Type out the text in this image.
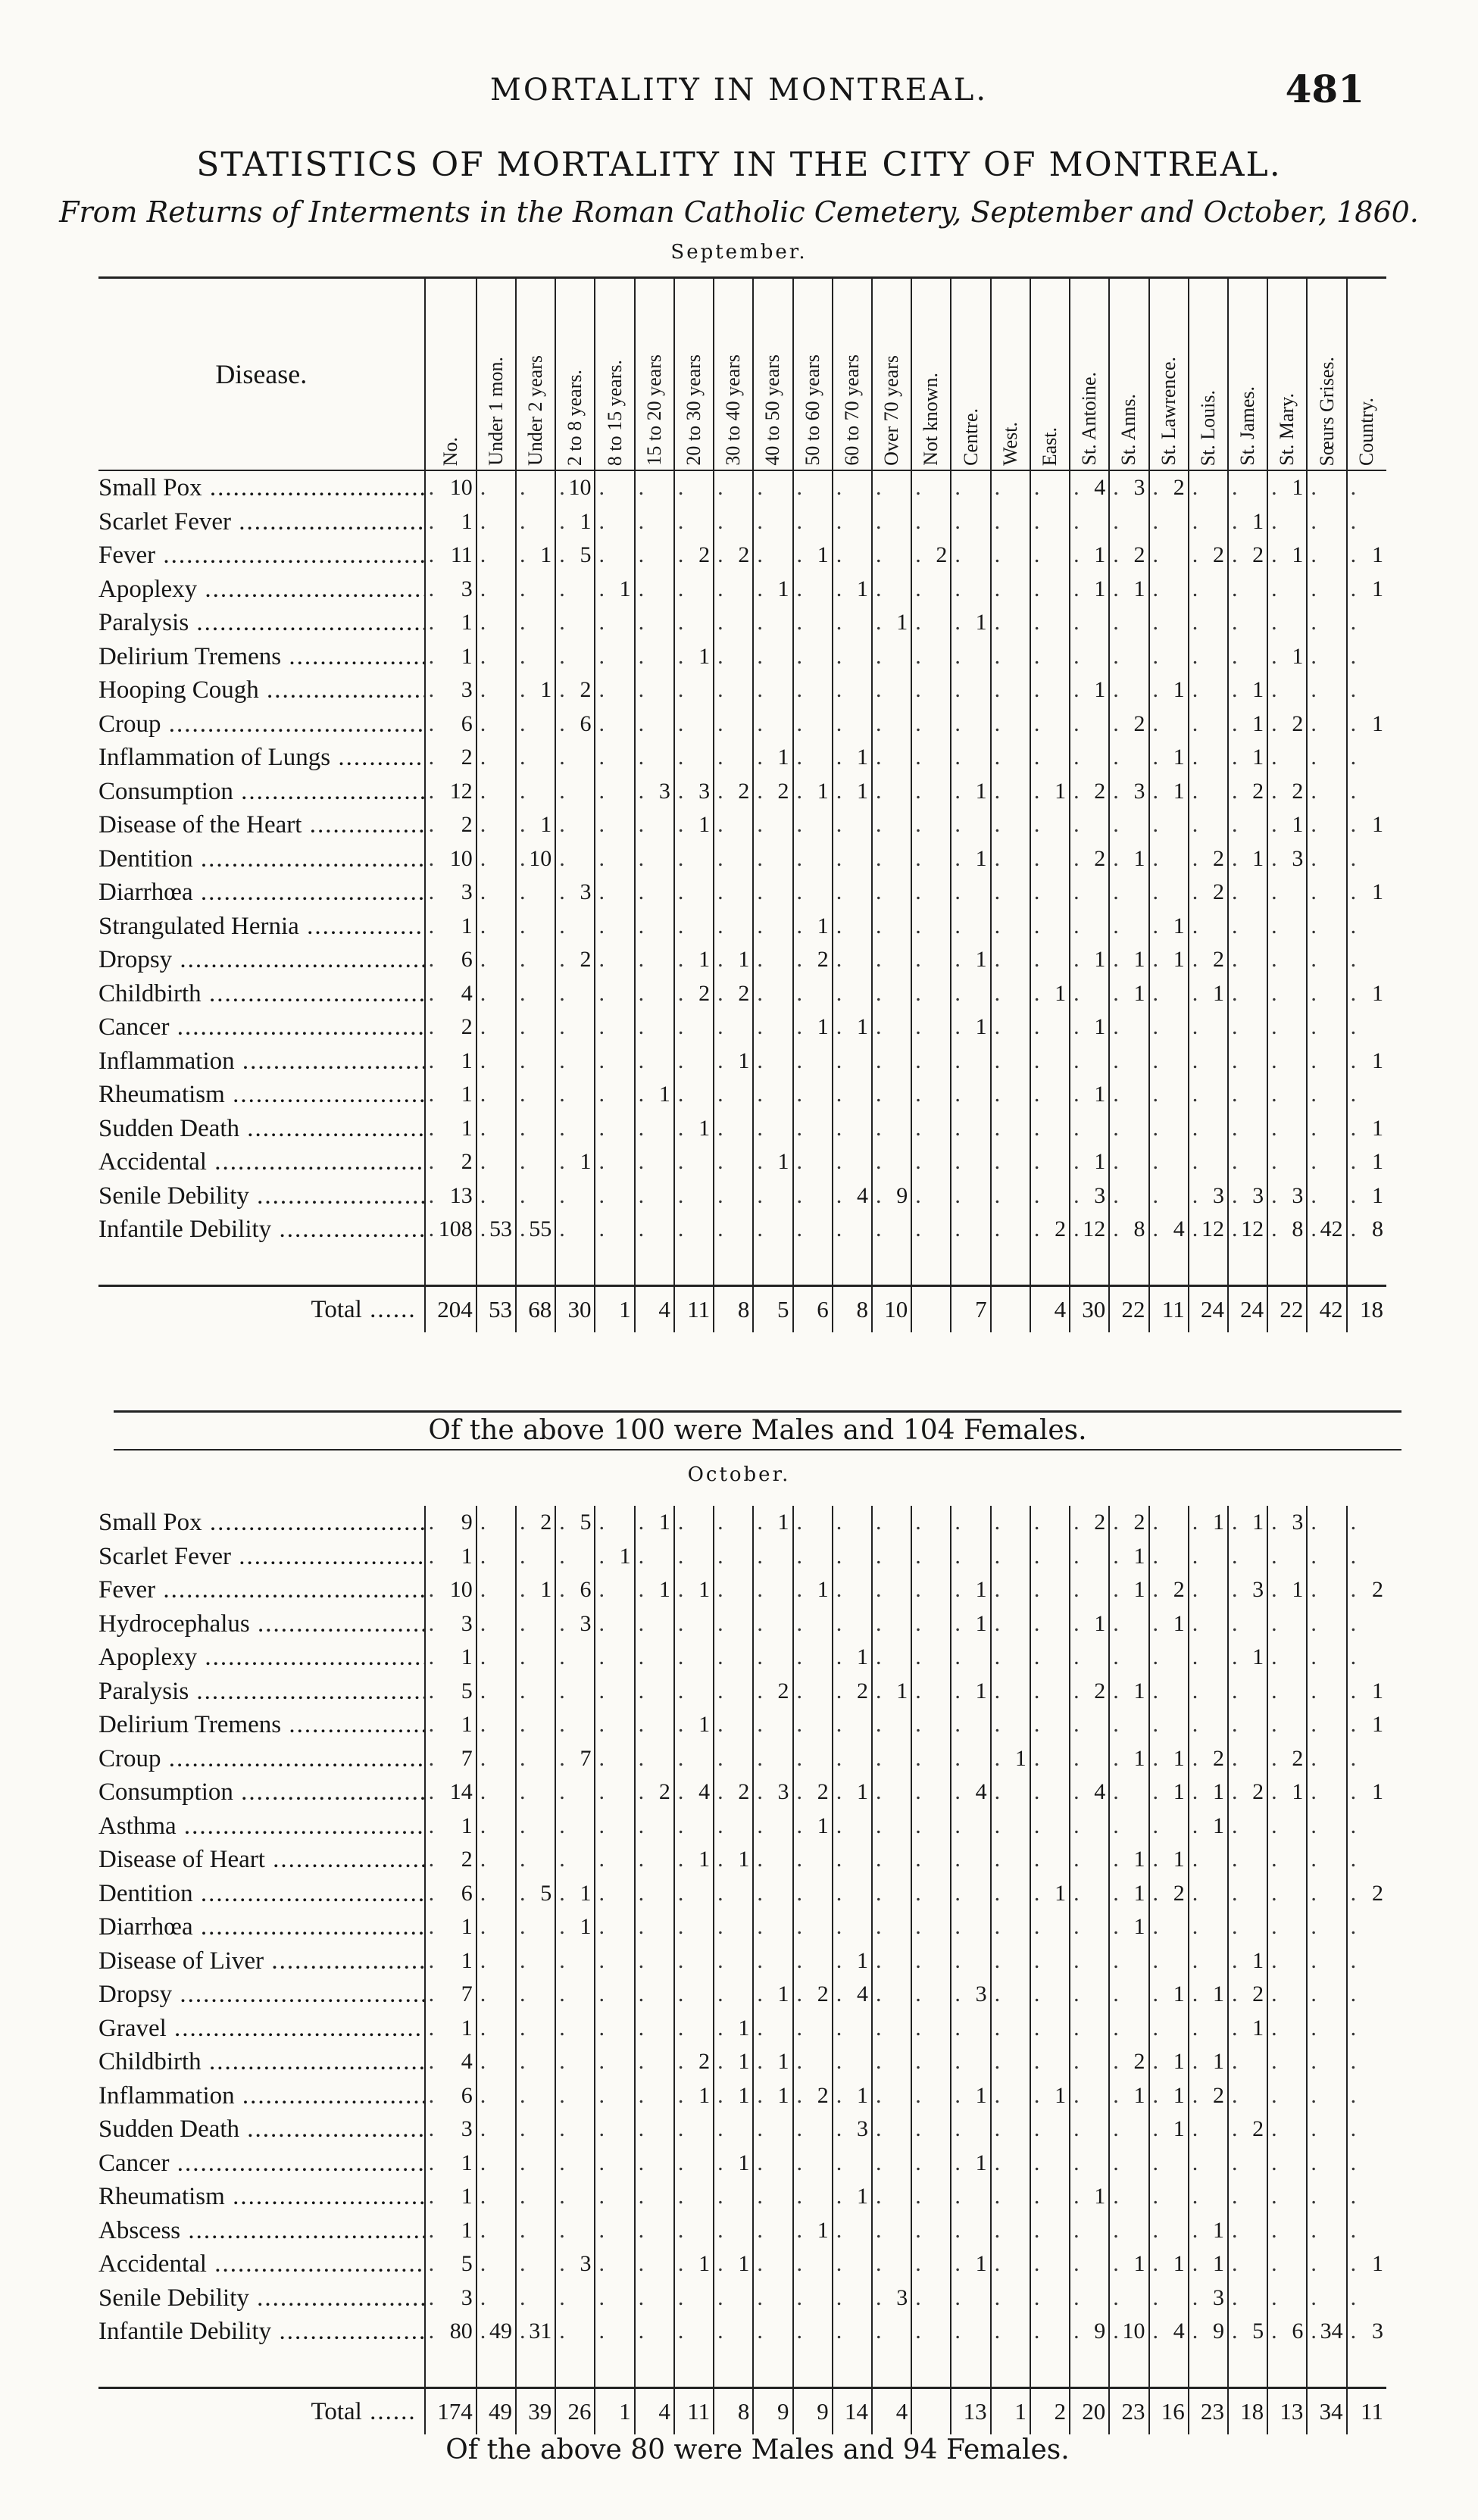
MORTALITY IN MONTREAL.	481
STATISTICS OF MORTALITY IN THE CITY OF MONTREAL.
From Returns of Interments in the Roman Catholic Cemetery, September and October, 1860.
September.
Disease.	No.	Under 1 mon.	Under 2 years	2 to 8 years.	8 to 15 years.	15 to 20 years	20 to 30 years	30 to 40 years	40 to 50 years	50 to 60 years	60 to 70 years	Over 70 years	Not known.	Centre.	West.	East.	St. Antoine.	St. Anns.	St. Lawrence.	St. Louis.	St. James.	St. Mary.	Sœurs Grises.	Country.
Small Pox .....	.10	.	.	.10	.	.	.	.	.	.	.	.	.	.	.	.	.4	.3	.2	.	.	.1	.	.
Scarlet Fever .....	.1	.	.	.1	.	.	.	.	.	.	.	.	.	.	.	.	.	.	.	.	.1	.	.	.
Fever .....	.11	.	.1	.5	.	.	.2	.2	.	.1	.	.	.2	.	.	.	.1	.2	.	.2	.2	.1	.	.1
Apoplexy .....	.3	.	.	.	.1	.	.	.	.1	.	.1	.	.	.	.	.	.1	.1	.	.	.	.	.	.1
Paralysis .....	.1	.	.	.	.	.	.	.	.	.	.	.1	.	.1	.	.	.	.	.	.	.	.	.	.
Delirium Tremens .....	.1	.	.	.	.	.	.1	.	.	.	.	.	.	.	.	.	.	.	.	.	.	.1	.	.
Hooping Cough .....	.3	.	.1	.2	.	.	.	.	.	.	.	.	.	.	.	.	.1	.	.1	.	.1	.	.	.
Croup .....	.6	.	.	.6	.	.	.	.	.	.	.	.	.	.	.	.	.	.2	.	.	.1	.2	.	.1
Inflammation of Lungs .....	.2	.	.	.	.	.	.	.	.1	.	.1	.	.	.	.	.	.	.	.1	.	.1	.	.	.
Consumption .....	.12	.	.	.	.	.3	.3	.2	.2	.1	.1	.	.	.1	.	.1	.2	.3	.1	.	.2	.2	.	.
Disease of the Heart .....	.2	.	.1	.	.	.	.1	.	.	.	.	.	.	.	.	.	.	.	.	.	.	.1	.	.1
Dentition .....	.10	.	.10	.	.	.	.	.	.	.	.	.	.	.1	.	.	.2	.1	.	.2	.1	.3	.	.
Diarrhœa .....	.3	.	.	.3	.	.	.	.	.	.	.	.	.	.	.	.	.	.	.	.2	.	.	.	.1
Strangulated Hernia .....	.1	.	.	.	.	.	.	.	.	.1	.	.	.	.	.	.	.	.	.1	.	.	.	.	.
Dropsy .....	.6	.	.	.2	.	.	.1	.1	.	.2	.	.	.	.1	.	.	.1	.1	.1	.2	.	.	.	.
Childbirth .....	.4	.	.	.	.	.	.2	.2	.	.	.	.	.	.	.	.1	.	.1	.	.1	.	.	.	.1
Cancer .....	.2	.	.	.	.	.	.	.	.	.1	.1	.	.	.1	.	.	.1	.	.	.	.	.	.	.
Inflammation .....	.1	.	.	.	.	.	.	.1	.	.	.	.	.	.	.	.	.	.	.	.	.	.	.	.1
Rheumatism .....	.1	.	.	.	.	.1	.	.	.	.	.	.	.	.	.	.	.1	.	.	.	.	.	.	.
Sudden Death .....	.1	.	.	.	.	.	.1	.	.	.	.	.	.	.	.	.	.	.	.	.	.	.	.	.1
Accidental .....	.2	.	.	.1	.	.	.	.	.1	.	.	.	.	.	.	.	.1	.	.	.	.	.	.	.1
Senile Debility .....	.13	.	.	.	.	.	.	.	.	.	.4	.9	.	.	.	.	.3	.	.	.3	.3	.3	.	.1
Infantile Debility .....	.108	.53	.55	.	.	.	.	.	.	.	.	.	.	.	.	.2	.12	.8	.4	.12	.12	.8	.42	.8

Total ......	204	53	68	30	1	4	11	8	5	6	8	10		7		4	30	22	11	24	24	22	42	18
Of the above 100 were Males and 104 Females.
October.
Small Pox .....	.9	.	.2	.5	.	.1	.	.	.1	.	.	.	.	.	.	.	.2	.2	.	.1	.1	.3	.	.
Scarlet Fever .....	.1	.	.	.	.1	.	.	.	.	.	.	.	.	.	.	.	.	.1	.	.	.	.	.	.
Fever .....	.10	.	.1	.6	.	.1	.1	.	.	.1	.	.	.	.1	.	.	.	.1	.2	.	.3	.1	.	.2
Hydrocephalus .....	.3	.	.	.3	.	.	.	.	.	.	.	.	.	.1	.	.	.1	.	.1	.	.	.	.	.
Apoplexy .....	.1	.	.	.	.	.	.	.	.	.	.1	.	.	.	.	.	.	.	.	.	.1	.	.	.
Paralysis .....	.5	.	.	.	.	.	.	.	.2	.	.2	.1	.	.1	.	.	.2	.1	.	.	.	.	.	.1
Delirium Tremens .....	.1	.	.	.	.	.	.1	.	.	.	.	.	.	.	.	.	.	.	.	.	.	.	.	.1
Croup .....	.7	.	.	.7	.	.	.	.	.	.	.	.	.	.	.1	.	.	.1	.1	.2	.	.2	.	.
Consumption .....	.14	.	.	.	.	.2	.4	.2	.3	.2	.1	.	.	.4	.	.	.4	.	.1	.1	.2	.1	.	.1
Asthma .....	.1	.	.	.	.	.	.	.	.	.1	.	.	.	.	.	.	.	.	.	.1	.	.	.	.
Disease of Heart .....	.2	.	.	.	.	.	.1	.1	.	.	.	.	.	.	.	.	.	.1	.1	.	.	.	.	.
Dentition .....	.6	.	.5	.1	.	.	.	.	.	.	.	.	.	.	.	.1	.	.1	.2	.	.	.	.	.2
Diarrhœa .....	.1	.	.	.1	.	.	.	.	.	.	.	.	.	.	.	.	.	.1	.	.	.	.	.	.
Disease of Liver .....	.1	.	.	.	.	.	.	.	.	.	.1	.	.	.	.	.	.	.	.	.	.1	.	.	.
Dropsy .....	.7	.	.	.	.	.	.	.	.1	.2	.4	.	.	.3	.	.	.	.	.1	.1	.2	.	.	.
Gravel .....	.1	.	.	.	.	.	.	.1	.	.	.	.	.	.	.	.	.	.	.	.	.1	.	.	.
Childbirth .....	.4	.	.	.	.	.	.2	.1	.1	.	.	.	.	.	.	.	.	.2	.1	.1	.	.	.	.
Inflammation .....	.6	.	.	.	.	.	.1	.1	.1	.2	.1	.	.	.1	.	.1	.	.1	.1	.2	.	.	.	.
Sudden Death .....	.3	.	.	.	.	.	.	.	.	.	.3	.	.	.	.	.	.	.	.1	.	.2	.	.	.
Cancer .....	.1	.	.	.	.	.	.	.1	.	.	.	.	.	.1	.	.	.	.	.	.	.	.	.	.
Rheumatism .....	.1	.	.	.	.	.	.	.	.	.	.1	.	.	.	.	.	.1	.	.	.	.	.	.	.
Abscess .....	.1	.	.	.	.	.	.	.	.	.1	.	.	.	.	.	.	.	.	.	.1	.	.	.	.
Accidental .....	.5	.	.	.3	.	.	.1	.1	.	.	.	.	.	.1	.	.	.	.1	.1	.1	.	.	.	.1
Senile Debility .....	.3	.	.	.	.	.	.	.	.	.	.	.3	.	.	.	.	.	.	.	.3	.	.	.	.
Infantile Debility .....	.80	.49	.31	.	.	.	.	.	.	.	.	.	.	.	.	.	.9	.10	.4	.9	.5	.6	.34	.3

Total ......	174	49	39	26	1	4	11	8	9	9	14	4		13	1	2	20	23	16	23	18	13	34	11
Of the above 80 were Males and 94 Females.
